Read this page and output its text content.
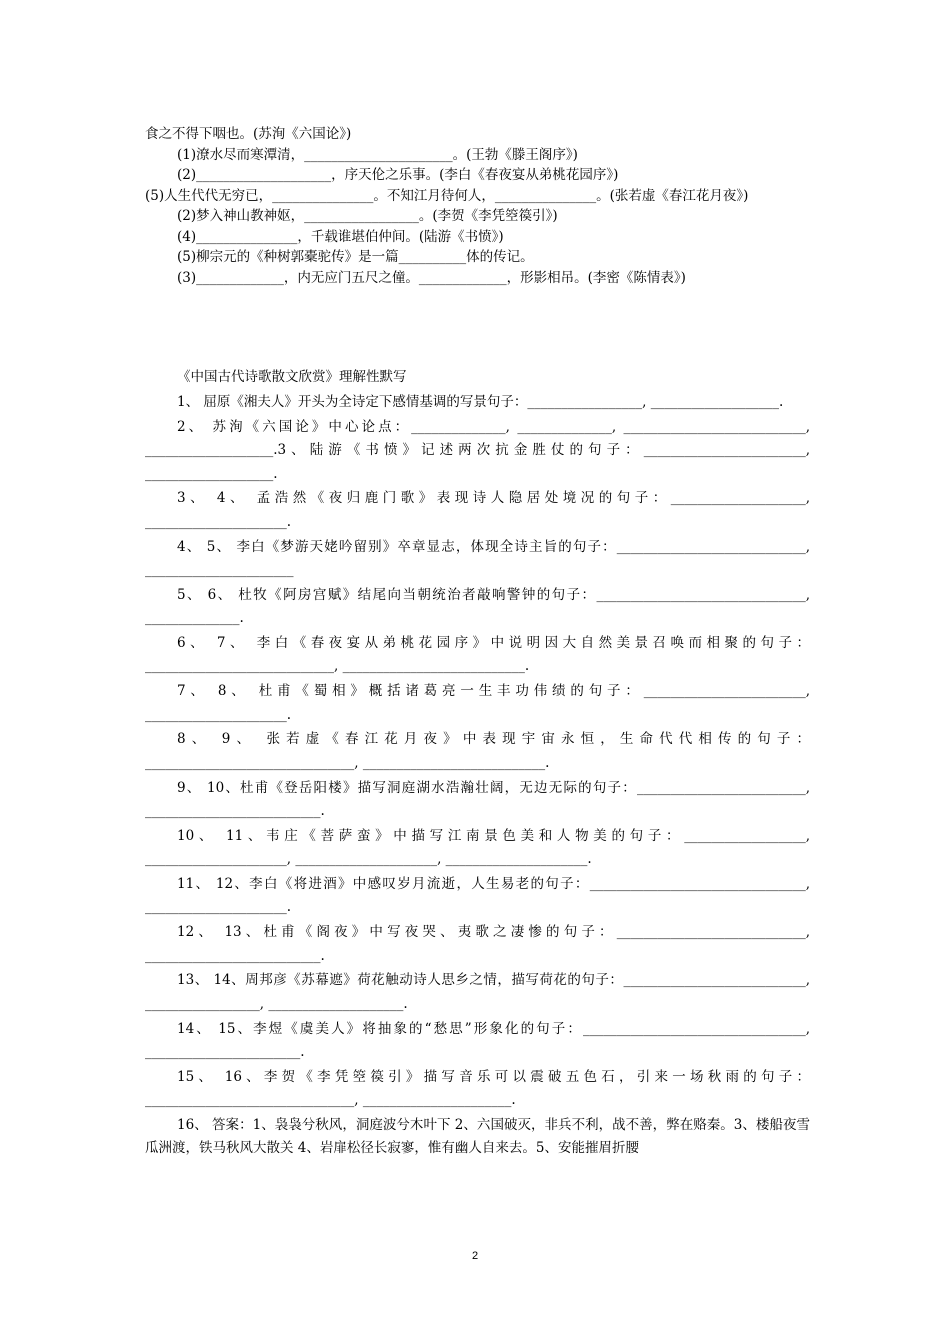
食之不得下咽也。(苏洵《六国论》)

(1)潦水尽而寒潭清，______________________。(王勃《滕王阁序》)

(2)____________________，序天伦之乐事。(李白《春夜宴从弟桃花园序》)

(5)人生代代无穷已，_______________。不知江月待何人，_______________。(张若虚《春江花月夜》)

(2)梦入神山教神妪，_________________。(李贺《李凭箜篌引》)

(4)_______________，千载谁堪伯仲间。(陆游《书愤》)

(5)柳宗元的《种树郭橐驼传》是一篇__________体的传记。

(3)_____________，内无应门五尺之僮。_____________，形影相吊。(李密《陈情表》)

《中国古代诗歌散文欣赏》理解性默写

1、 屈原《湘夫人》开头为全诗定下感情基调的写景句子：_________________, ___________________.

2、 苏洵《六国论》中心论点：______________, ______________, ___________________________, ___________________.3、陆游《书愤》记述两次抗金胜仗的句子：________________________, ___________________.

3、 4、 孟浩然《夜归鹿门歌》表现诗人隐居处境况的句子：____________________, _____________________.

4、 5、 李白《梦游天姥吟留别》卒章显志，体现全诗主旨的句子：____________________________, ______________________

5、 6、 杜牧《阿房宫赋》结尾向当朝统治者敲响警钟的句子：_______________________________, ______________.

6、 7、 李白《春夜宴从弟桃花园序》中说明因大自然美景召唤而相聚的句子：____________________________, ___________________________.

7、 8、 杜甫《蜀相》概括诸葛亮一生丰功伟绩的句子：________________________, _____________________.

8、 9、 张若虚《春江花月夜》中表现宇宙永恒，生命代代相传的句子：_______________________________, ___________________________.

9、 10、杜甫《登岳阳楼》描写洞庭湖水浩瀚壮阔，无边无际的句子：_________________________, __________________________.

10、 11、韦庄《菩萨蛮》中描写江南景色美和人物美的句子：__________________, _____________________, _____________________, _____________________.

11、 12、李白《将进酒》中感叹岁月流逝，人生易老的句子：________________________________, _____________________.

12、 13、杜甫《阁夜》中写夜哭、夷歌之凄惨的句子：____________________________, __________________________.

13、 14、周邦彦《苏幕遮》荷花触动诗人思乡之情，描写荷花的句子：___________________________, _________________, ____________________.

14、 15、李煜《虞美人》将抽象的“愁思”形象化的句子：_________________________________, _______________________.

15、 16、李贺《李凭箜篌引》描写音乐可以震破五色石，引来一场秋雨的句子：_______________________________, ______________________.

16、 答案：1、袅袅兮秋风，洞庭波兮木叶下 2、六国破灭，非兵不利，战不善，弊在赂秦。3、楼船夜雪瓜洲渡，铁马秋风大散关 4、岩扉松径长寂寥，惟有幽人自来去。5、安能摧眉折腰

2
